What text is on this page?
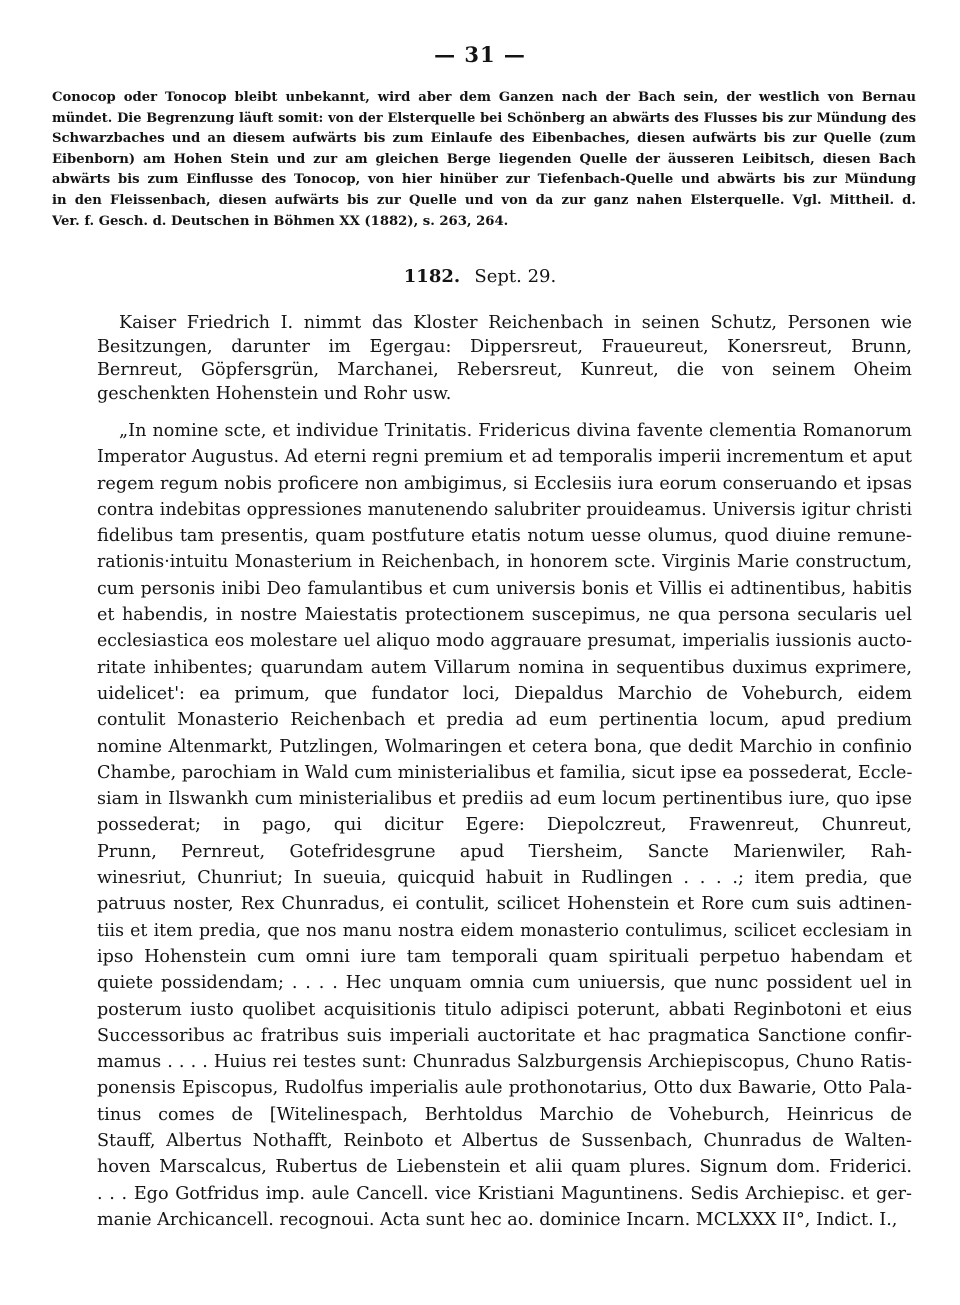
— 31 —
Conocop oder Tonocop bleibt unbekannt, wird aber dem Ganzen nach der Bach sein, der westlich von Bernau
mündet. Die Begrenzung läuft somit: von der Elsterquelle bei Schönberg an abwärts des Flusses bis zur Mündung des
Schwarzbaches und an diesem aufwärts bis zum Einlaufe des Eibenbaches, diesen aufwärts bis zur Quelle (zum
Eibenborn) am Hohen Stein und zur am gleichen Berge liegenden Quelle der äusseren Leibitsch, diesen Bach
abwärts bis zum Einflusse des Tonocop, von hier hinüber zur Tiefenbach-Quelle und abwärts bis zur Mündung
in den Fleissenbach, diesen aufwärts bis zur Quelle und von da zur ganz nahen Elsterquelle. Vgl. Mittheil. d.
Ver. f. Gesch. d. Deutschen in Böhmen XX (1882), s. 263, 264.
1182. Sept. 29.
Kaiser Friedrich I. nimmt das Kloster Reichenbach in seinen Schutz, Personen wie
Besitzungen, darunter im Egergau: Dippersreut, Fraueureut, Konersreut, Brunn,
Bernreut, Göpfersgrün, Marchanei, Rebersreut, Kunreut, die von seinem Oheim
geschenkten Hohenstein und Rohr usw.
„In nomine scte, et individue Trinitatis. Fridericus divina favente clementia Romanorum
Imperator Augustus. Ad eterni regni premium et ad temporalis imperii incrementum et aput
regem regum nobis proficere non ambigimus, si Ecclesiis iura eorum conseruando et ipsas
contra indebitas oppressiones manutenendo salubriter prouideamus. Universis igitur christi
fidelibus tam presentis, quam postfuture etatis notum uesse olumus, quod diuine remune-
rationis·intuitu Monasterium in Reichenbach, in honorem scte. Virginis Marie constructum,
cum personis inibi Deo famulantibus et cum universis bonis et Villis ei adtinentibus, habitis
et habendis, in nostre Maiestatis protectionem suscepimus, ne qua persona secularis uel
ecclesiastica eos molestare uel aliquo modo aggrauare presumat, imperialis iussionis auctо-
ritate inhibentes; quarundam autem Villarum nomina in sequentibus duximus exprimere,
uidelicet': ea primum, que fundator loci, Diepaldus Marchio de Voheburch, eidem
contulit Monasterio Reichenbach et predia ad eum pertinentia locum, apud predium
nomine Altenmarkt, Putzlingen, Wolmaringen et cetera bona, que dedit Marchio in confinio
Chambe, parochiam in Wald cum ministerialibus et familia, sicut ipse ea possederat, Eccle-
siam in Ilswankh cum ministerialibus et prediis ad eum locum pertinentibus iure, quo ipse
possederat; in pago, qui dicitur Egere: Diepolczreut, Frawenreut, Chunreut,
Prunn, Pernreut, Gotefridesgrune apud Tiersheim, Sancte Marienwiler, Rah-
winesriut, Chunriut; In sueuia, quicquid habuit in Rudlingen . . . .; item predia, que
patruus noster, Rex Chunradus, ei contulit, scilicet Hohenstein et Rore cum suis adtinen-
tiis et item predia, que nos manu nostra eidem monasterio contulimus, scilicet ecclesiam in
ipso Hohenstein cum omni iure tam temporali quam spirituali perpetuo habendam et
quiete possidendam; . . . . Hec unquam omnia cum uniuersis, que nunc possident uel in
posterum iusto quolibet acquisitionis titulo adipisci poterunt, abbati Reginbotoni et eius
Successoribus ac fratribus suis imperiali auctoritate et hac pragmatica Sanctione confir-
mamus . . . . Huius rei testes sunt: Chunradus Salzburgensis Archiepiscopus, Chuno Ratis-
ponensis Episcopus, Rudolfus imperialis aule prothonotarius, Otto dux Bawarie, Otto Pala-
tinus comes de [Witelinespach, Berhtoldus Marchio de Voheburch, Heinricus de
Stauff, Albertus Nothafft, Reinboto et Albertus de Sussenbach, Chunradus de Walten-
hoven Marscalcus, Rubertus de Liebenstein et alii quam plures. Signum dom. Friderici.
. . . Ego Gotfridus imp. aule Cancell. vice Kristiani Maguntinens. Sedis Archiepisc. et ger-
manie Archicancell. recognoui. Acta sunt hec ao. dominice Incarn. MCLXXX II°, Indict. I.,
